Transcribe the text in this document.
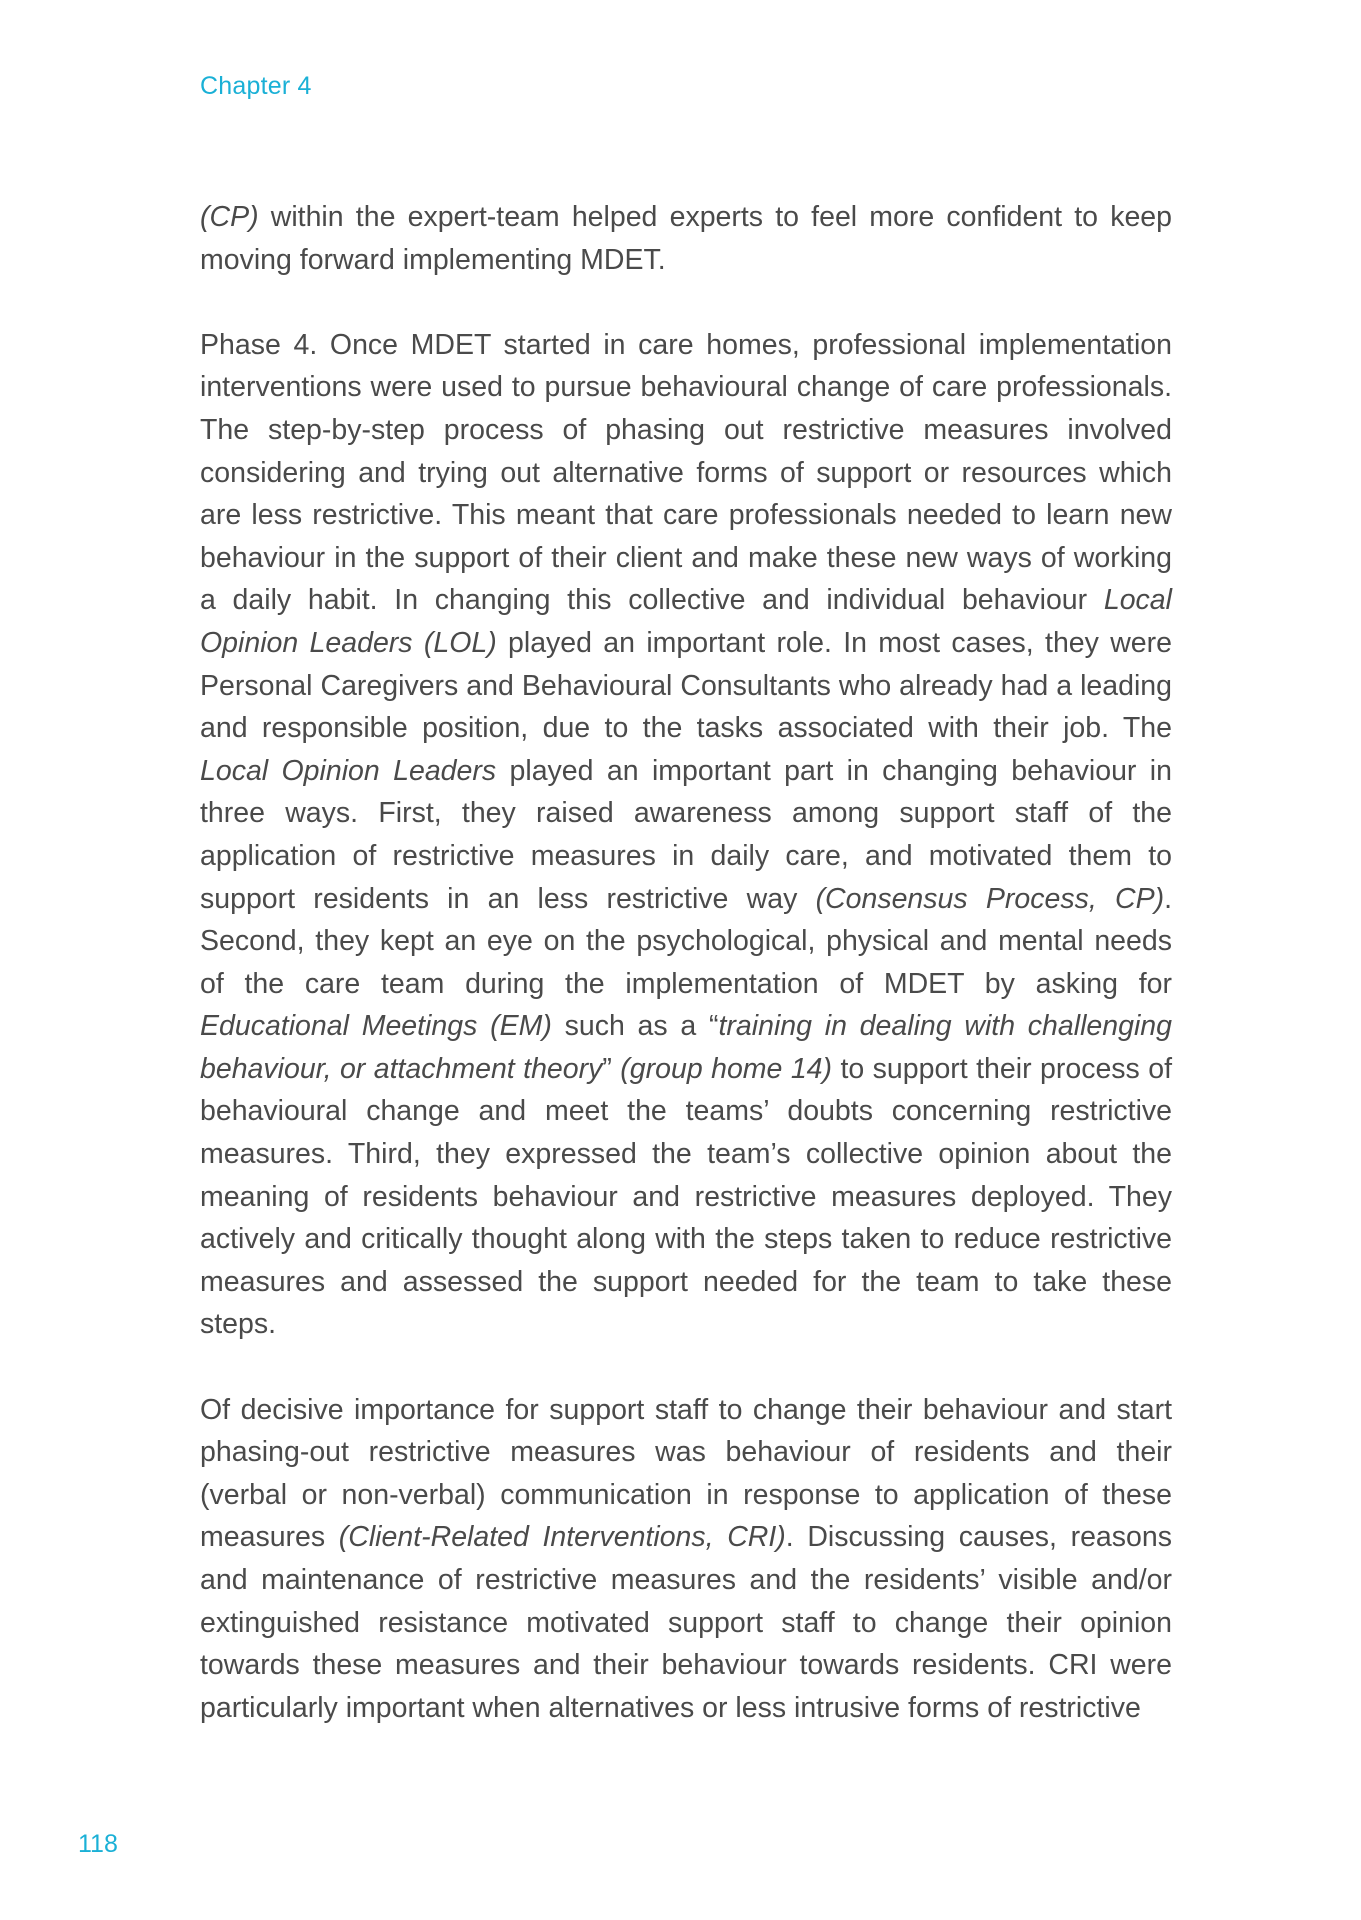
Chapter 4

(CP) within the expert-team helped experts to feel more confident to keep moving forward implementing MDET.

Phase 4. Once MDET started in care homes, professional implementation interventions were used to pursue behavioural change of care professionals. The step-by-step process of phasing out restrictive measures involved considering and trying out alternative forms of support or resources which are less restrictive. This meant that care professionals needed to learn new behaviour in the support of their client and make these new ways of working a daily habit. In changing this collective and individual behaviour Local Opinion Leaders (LOL) played an important role. In most cases, they were Personal Caregivers and Behavioural Consultants who already had a leading and responsible position, due to the tasks associated with their job. The Local Opinion Leaders played an important part in changing behaviour in three ways. First, they raised awareness among support staff of the application of restrictive measures in daily care, and motivated them to support residents in an less restrictive way (Consensus Process, CP). Second, they kept an eye on the psychological, physical and mental needs of the care team during the implementation of MDET by asking for Educational Meetings (EM) such as a “training in dealing with challenging behaviour, or attachment theory” (group home 14) to support their process of behavioural change and meet the teams’ doubts concerning restrictive measures. Third, they expressed the team’s collective opinion about the meaning of residents behaviour and restrictive measures deployed. They actively and critically thought along with the steps taken to reduce restrictive measures and assessed the support needed for the team to take these steps.

Of decisive importance for support staff to change their behaviour and start phasing-out restrictive measures was behaviour of residents and their (verbal or non-verbal) communication in response to application of these measures (Client-Related Interventions, CRI). Discussing causes, reasons and maintenance of restrictive measures and the residents’ visible and/or extinguished resistance motivated support staff to change their opinion towards these measures and their behaviour towards residents. CRI were particularly important when alternatives or less intrusive forms of restrictive

118
